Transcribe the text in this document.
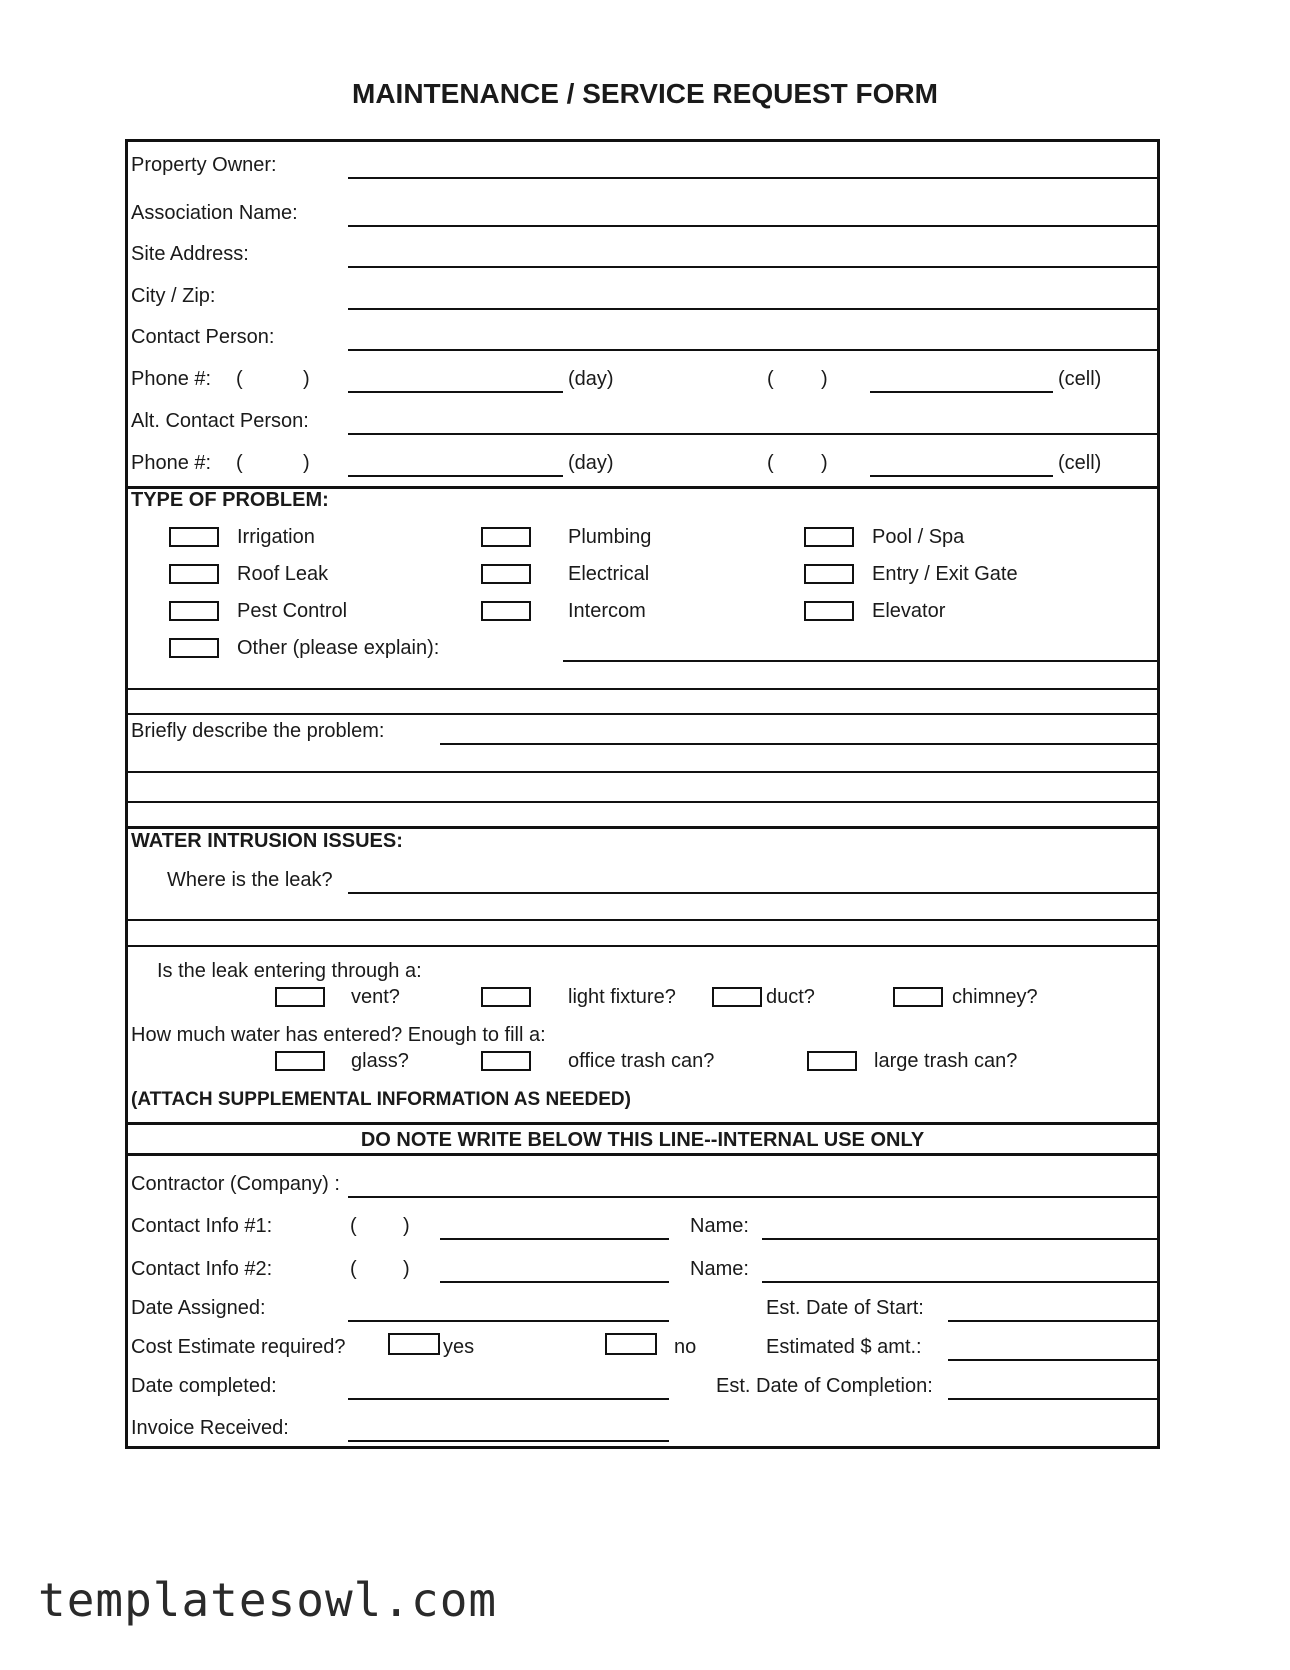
MAINTENANCE / SERVICE REQUEST FORM
Property Owner:
Association Name:
Site Address:
City / Zip:
Contact Person:
Phone #: (	)	(day)	( )	(cell)
Alt. Contact Person:
Phone #: (	)	(day)	( )	(cell)
TYPE OF PROBLEM:
Irrigation	Plumbing	Pool / Spa
Roof Leak	Electrical	Entry / Exit Gate
Pest Control	Intercom	Elevator
Other (please explain):
Briefly describe the problem:
WATER INTRUSION ISSUES:
Where is the leak?
Is the leak entering through a:
vent?	light fixture?	duct?	chimney?
How much water has entered? Enough to fill a:
glass?	office trash can?	large trash can?
(ATTACH SUPPLEMENTAL INFORMATION AS NEEDED)
DO NOTE WRITE BELOW THIS LINE--INTERNAL USE ONLY
Contractor (Company) :
Contact Info #1:	( )	Name:
Contact Info #2:	( )	Name:
Date Assigned:	Est. Date of Start:
Cost Estimate required?	yes	no	Estimated $ amt.:
Date completed:	Est. Date of Completion:
Invoice Received:
templatesowl.com
